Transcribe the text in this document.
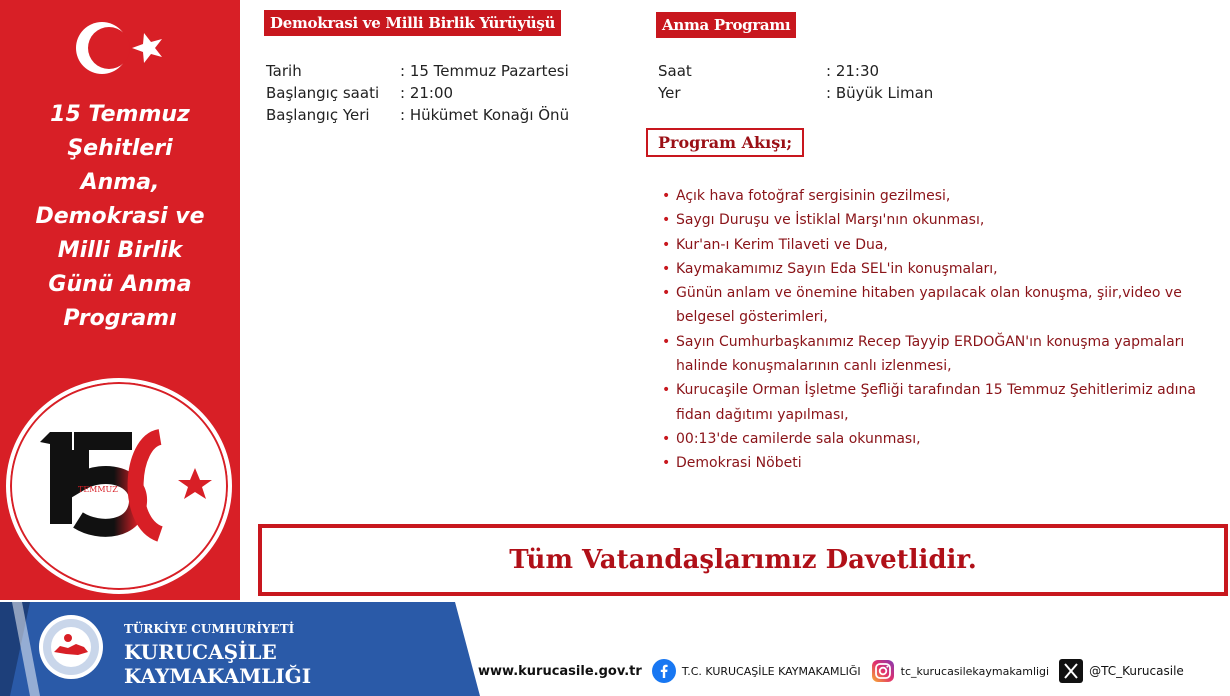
15 Temmuz
Şehitleri
Anma,
Demokrasi ve
Milli Birlik
Günü Anma
Programı
TEMMUZ
Demokrasi ve Milli Birlik Yürüyüşü
Tarih	: 15 Temmuz Pazartesi
Başlangıç saati	: 21:00
Başlangıç Yeri	: Hükümet Konağı Önü
Anma Programı
Saat	: 21:30
Yer	: Büyük Liman
Program Akışı;
• Açık hava fotoğraf sergisinin gezilmesi,
• Saygı Duruşu ve İstiklal Marşı'nın okunması,
• Kur'an-ı Kerim Tilaveti ve Dua,
• Kaymakamımız Sayın Eda SEL'in konuşmaları,
• Günün anlam ve önemine hitaben yapılacak olan konuşma, şiir,video ve belgesel gösterimleri,
• Sayın Cumhurbaşkanımız Recep Tayyip ERDOĞAN'ın konuşma yapmaları halinde konuşmalarının canlı izlenmesi,
• Kurucaşile Orman İşletme Şefliği tarafından 15 Temmuz Şehitlerimiz adına fidan dağıtımı yapılması,
• 00:13'de camilerde sala okunması,
• Demokrasi Nöbeti
Tüm Vatandaşlarımız Davetlidir.
TÜRKİYE CUMHURİYETİ
KURUCAŞİLE
KAYMAKAMLIĞI	www.kurucasile.gov.tr	T.C. KURUCAŞİLE KAYMAKAMLIĞI	tc_kurucasilekaymakamligi	@TC_Kurucasile
